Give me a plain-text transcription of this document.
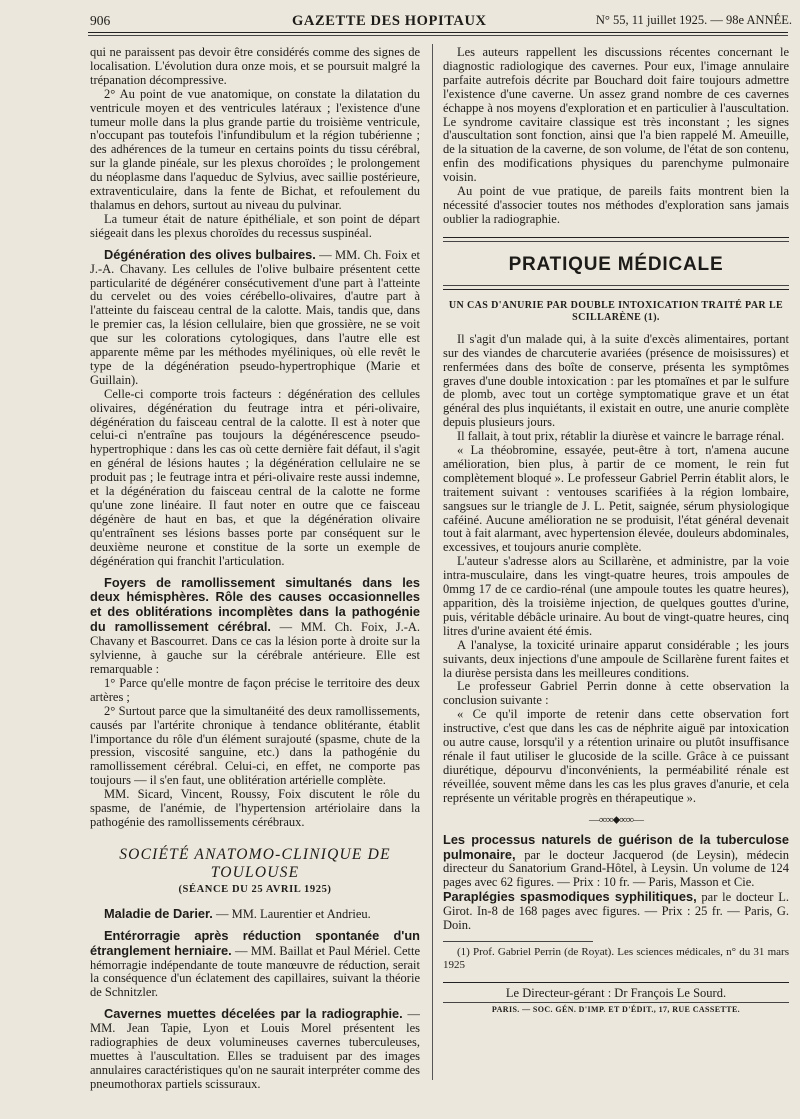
906	GAZETTE DES HOPITAUX	N° 55, 11 juillet 1925. — 98e ANNÉE.

qui ne paraissent pas devoir être considérés comme des signes de localisation. L'évolution dura onze mois, et se poursuit malgré la trépanation décompressive.

2° Au point de vue anatomique, on constate la dilatation du ventricule moyen et des ventricules latéraux ; l'existence d'une tumeur molle dans la plus grande partie du troisième ventricule, n'occupant pas toutefois l'infundibulum et la région tubérienne ; des adhérences de la tumeur en certains points du tissu cérébral, sur la glande pinéale, sur les plexus choroïdes ; le prolongement du néoplasme dans l'aqueduc de Sylvius, avec saillie postérieure, extraventiculaire, dans la fente de Bichat, et refoulement du thalamus en dehors, surtout au niveau du pulvinar.

La tumeur était de nature épithéliale, et son point de départ siégeait dans les plexus choroïdes du recessus suspinéal.

Dégénération des olives bulbaires. — MM. Ch. Foix et J.-A. Chavany. Les cellules de l'olive bulbaire présentent cette particularité de dégénérer consécutivement d'une part à l'atteinte du cervelet ou des voies cérébello-olivaires, d'autre part à l'atteinte du faisceau central de la calotte. Mais, tandis que, dans le premier cas, la lésion cellulaire, bien que grossière, ne se voit que sur les colorations cytologiques, dans l'autre elle est apparente même par les méthodes myéliniques, où elle revêt le type de la dégénération pseudo-hypertrophique (Marie et Guillain).

Celle-ci comporte trois facteurs : dégénération des cellules olivaires, dégénération du feutrage intra et péri-olivaire, dégénération du faisceau central de la calotte. Il est à noter que celui-ci n'entraîne pas toujours la dégénérescence pseudo-hypertrophique : dans les cas où cette dernière fait défaut, il s'agit en général de lésions hautes ; la dégénération cellulaire ne se produit pas ; le feutrage intra et péri-olivaire reste aussi indemne, et la dégénération du faisceau central de la calotte ne forme qu'une zone linéaire. Il faut noter en outre que ce faisceau dégénère de haut en bas, et que la dégénération olivaire qu'entraînent ses lésions basses porte par conséquent sur le deuxième neurone et constitue de la sorte un exemple de dégénération qui franchit l'articulation.

Foyers de ramollissement simultanés dans les deux hémisphères. Rôle des causes occasionnelles et des oblitérations incomplètes dans la pathogénie du ramollissement cérébral. — MM. Ch. Foix, J.-A. Chavany et Bascourret. Dans ce cas la lésion porte à droite sur la sylvienne, à gauche sur la cérébrale antérieure. Elle est remarquable :

1° Parce qu'elle montre de façon précise le territoire des deux artères ;

2° Surtout parce que la simultanéité des deux ramollissements, causés par l'artérite chronique à tendance oblitérante, établit l'importance du rôle d'un élément surajouté (spasme, chute de la pression, viscosité sanguine, etc.) dans la pathogénie du ramollissement cérébral. Celui-ci, en effet, ne comporte pas toujours — il s'en faut, une oblitération artérielle complète.

MM. Sicard, Vincent, Roussy, Foix discutent le rôle du spasme, de l'anémie, de l'hypertension artériolaire dans la pathogénie des ramollissements cérébraux.

SOCIÉTÉ ANATOMO-CLINIQUE DE TOULOUSE
(SÉANCE DU 25 AVRIL 1925)

Maladie de Darier. — MM. Laurentier et Andrieu.

Entérorragie après réduction spontanée d'un étranglement herniaire. — MM. Baillat et Paul Mériel. Cette hémorragie indépendante de toute manœuvre de réduction, serait la conséquence d'un éclatement des capillaires, suivant la théorie de Schnitzler.

Cavernes muettes décelées par la radiographie. — MM. Jean Tapie, Lyon et Louis Morel présentent les radiographies de deux volumineuses cavernes tuberculeuses, muettes à l'auscultation. Elles se traduisent par des images annulaires caractéristiques qu'on ne saurait interpréter comme des pneumothorax partiels scissuraux.

Les auteurs rappellent les discussions récentes concernant le diagnostic radiologique des cavernes. Pour eux, l'image annulaire parfaite autrefois décrite par Bouchard doit faire toujours admettre l'existence d'une caverne. Un assez grand nombre de ces cavernes échappe à nos moyens d'exploration et en particulier à l'auscultation. Le syndrome cavitaire classique est très inconstant ; les signes d'auscultation sont fonction, ainsi que l'a bien rappelé M. Ameuille, de la situation de la caverne, de son volume, de l'état de son contenu, enfin des modifications physiques du parenchyme pulmonaire voisin.

Au point de vue pratique, de pareils faits montrent bien la nécessité d'associer toutes nos méthodes d'exploration sans jamais oublier la radiographie.

PRATIQUE MÉDICALE
UN CAS D'ANURIE PAR DOUBLE INTOXICATION TRAITÉ PAR LE SCILLARÈNE (1).

Il s'agit d'un malade qui, à la suite d'excès alimentaires, portant sur des viandes de charcuterie avariées (présence de moisissures) et renfermées dans des boîte de conserve, présenta les symptômes graves d'une double intoxication : par les ptomaïnes et par le sulfure de plomb, avec tout un cortège symptomatique grave et un état général des plus inquiétants, il existait en outre, une anurie complète depuis plusieurs jours.

Il fallait, à tout prix, rétablir la diurèse et vaincre le barrage rénal.

« La théobromine, essayée, peut-être à tort, n'amena aucune amélioration, bien plus, à partir de ce moment, le rein fut complètement bloqué ». Le professeur Gabriel Perrin établit alors, le traitement suivant : ventouses scarifiées à la région lombaire, sangsues sur le triangle de J. L. Petit, saignée, sérum physiologique caféiné. Aucune amélioration ne se produisit, l'état général devenait tout à fait alarmant, avec hypertension élevée, douleurs abdominales, excessives, et toujours anurie complète.

L'auteur s'adresse alors au Scillarène, et administre, par la voie intra-musculaire, dans les vingt-quatre heures, trois ampoules de 0mmg 17 de ce cardio-rénal (une ampoule toutes les quatre heures), apparition, dès la troisième injection, de quelques gouttes d'urine, puis, véritable débâcle urinaire. Au bout de vingt-quatre heures, cinq litres d'urine avaient été émis.

A l'analyse, la toxicité urinaire apparut considérable ; les jours suivants, deux injections d'une ampoule de Scillarène furent faites et la diurèse persista dans les meilleures conditions.

Le professeur Gabriel Perrin donne à cette observation la conclusion suivante :

« Ce qu'il importe de retenir dans cette observation fort instructive, c'est que dans les cas de néphrite aiguë par intoxication ou autre cause, lorsqu'il y a rétention urinaire ou plutôt insuffisance rénale il faut utiliser le glucoside de la scille. Grâce à ce puissant diurétique, dépourvu d'inconvénients, la perméabilité rénale est réveillée, souvent même dans les cas les plus graves d'anurie, et cela représente un véritable progrès en thérapeutique ».

—∞∞⬥∞∞—

Les processus naturels de guérison de la tuberculose pulmonaire, par le docteur Jacquerod (de Leysin), médecin directeur du Sanatorium Grand-Hôtel, à Leysin. Un volume de 124 pages avec 62 figures. — Prix : 10 fr. — Paris, Masson et Cie.

Paraplégies spasmodiques syphilitiques, par le docteur L. Girot. In-8 de 168 pages avec figures. — Prix : 25 fr. — Paris, G. Doin.

(1) Prof. Gabriel Perrin (de Royat). Les sciences médicales, n° du 31 mars 1925

Le Directeur-gérant : Dr François Le Sourd.
PARIS. — SOC. GÉN. D'IMP. ET D'ÉDIT., 17, RUE CASSETTE.
